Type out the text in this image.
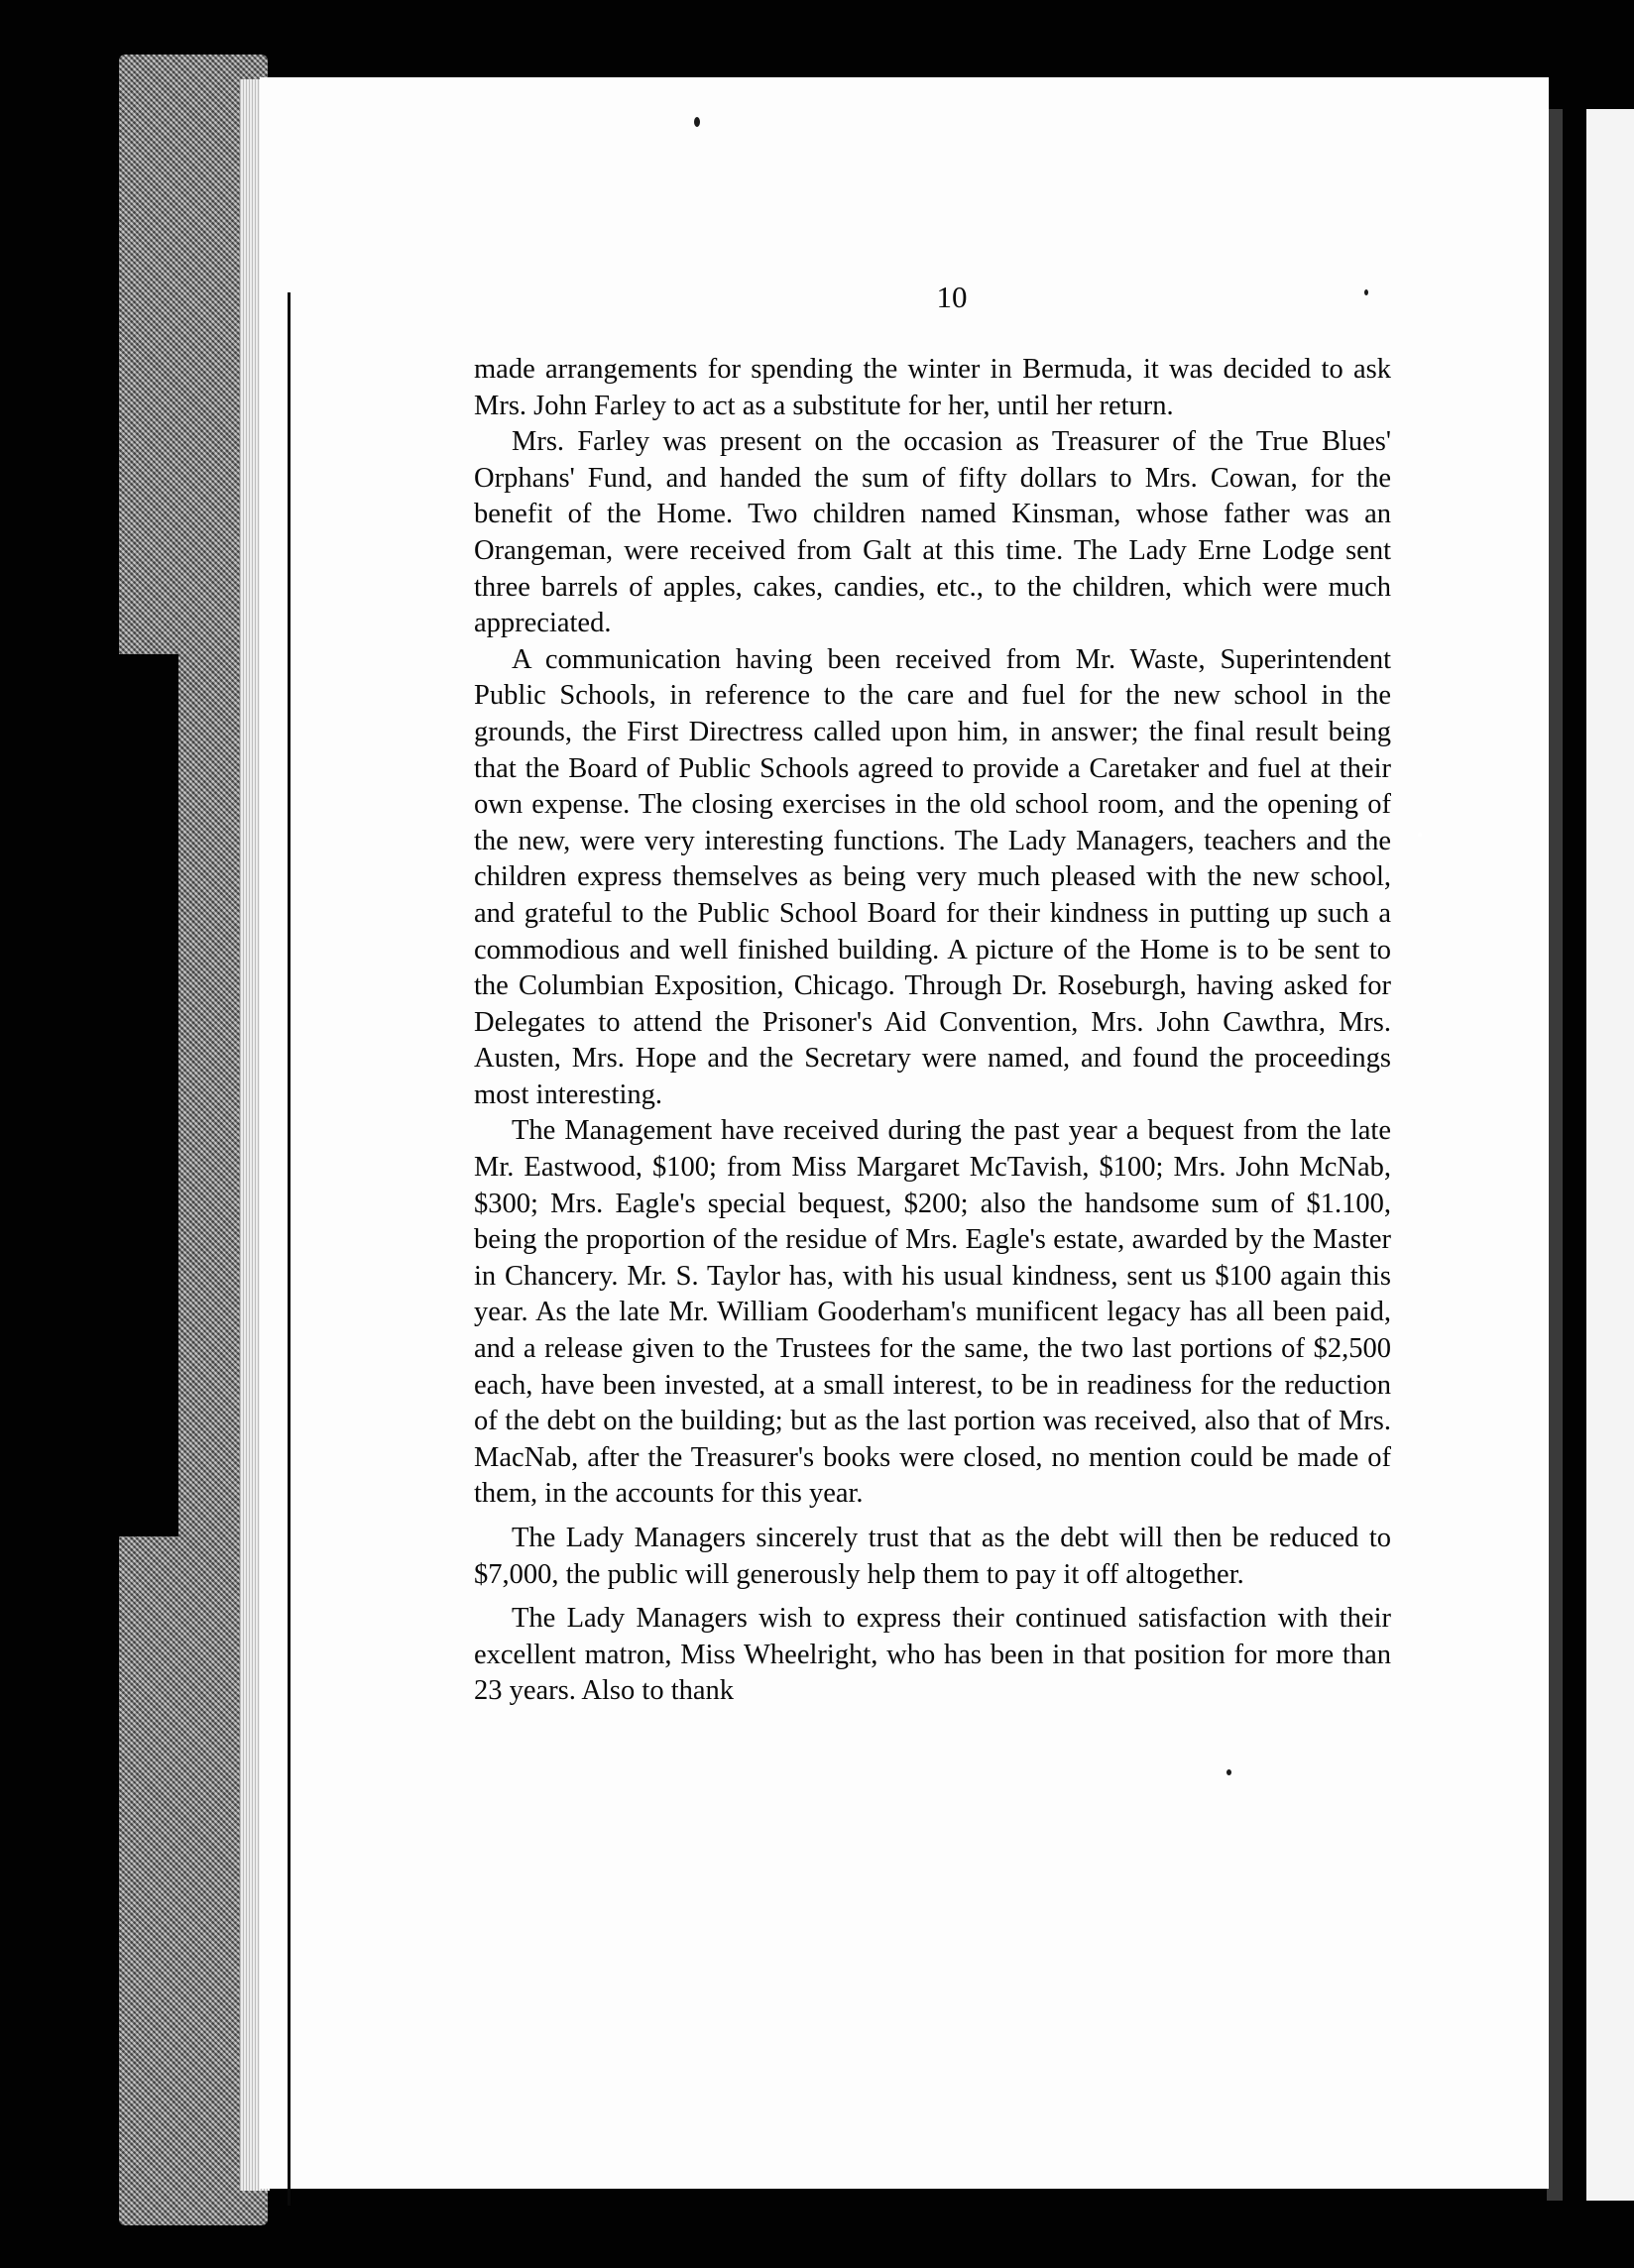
10

made arrangements for spending the winter in Bermuda, it was decided to ask Mrs. John Farley to act as a substitute for her, until her return.

Mrs. Farley was present on the occasion as Treasurer of the True Blues' Orphans' Fund, and handed the sum of fifty dollars to Mrs. Cowan, for the benefit of the Home. Two children named Kinsman, whose father was an Orangeman, were received from Galt at this time. The Lady Erne Lodge sent three barrels of apples, cakes, candies, etc., to the children, which were much appreciated.

A communication having been received from Mr. Waste, Superintendent Public Schools, in reference to the care and fuel for the new school in the grounds, the First Directress called upon him, in answer; the final result being that the Board of Public Schools agreed to provide a Caretaker and fuel at their own expense. The closing exercises in the old school room, and the opening of the new, were very interesting functions. The Lady Managers, teachers and the children express themselves as being very much pleased with the new school, and grateful to the Public School Board for their kindness in putting up such a commodious and well finished building. A picture of the Home is to be sent to the Columbian Exposition, Chicago. Through Dr. Roseburgh, having asked for Delegates to attend the Prisoner's Aid Convention, Mrs. John Cawthra, Mrs. Austen, Mrs. Hope and the Secretary were named, and found the proceedings most interesting.

The Management have received during the past year a bequest from the late Mr. Eastwood, $100; from Miss Margaret McTavish, $100; Mrs. John McNab, $300; Mrs. Eagle's special bequest, $200; also the handsome sum of $1.100, being the proportion of the residue of Mrs. Eagle's estate, awarded by the Master in Chancery. Mr. S. Taylor has, with his usual kindness, sent us $100 again this year. As the late Mr. William Gooderham's munificent legacy has all been paid, and a release given to the Trustees for the same, the two last portions of $2,500 each, have been invested, at a small interest, to be in readiness for the reduction of the debt on the building; but as the last portion was received, also that of Mrs. MacNab, after the Treasurer's books were closed, no mention could be made of them, in the accounts for this year.

The Lady Managers sincerely trust that as the debt will then be reduced to $7,000, the public will generously help them to pay it off altogether.

The Lady Managers wish to express their continued satisfaction with their excellent matron, Miss Wheelright, who has been in that position for more than 23 years. Also to thank
